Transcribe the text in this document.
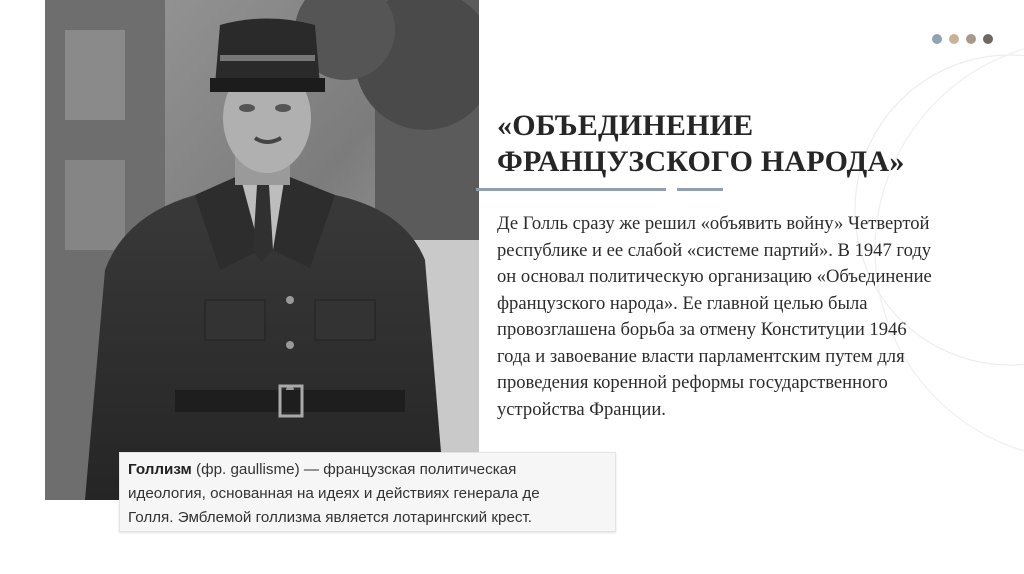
Голлизм (фр. gaullisme) — французская политическая
идеология, основанная на идеях и действиях генерала де
Голля. Эмблемой голлизма является лотарингский крест.
«ОБЪЕДИНЕНИЕ
ФРАНЦУЗСКОГО НАРОДА»
Де Голль сразу же решил «объявить войну» Четвертой
республике и ее слабой «системе партий». В 1947 году
он основал политическую организацию «Объединение
французского народа». Ее главной целью была
провозглашена борьба за отмену Конституции 1946
года и завоевание власти парламентским путем для
проведения коренной реформы государственного
устройства Франции.
